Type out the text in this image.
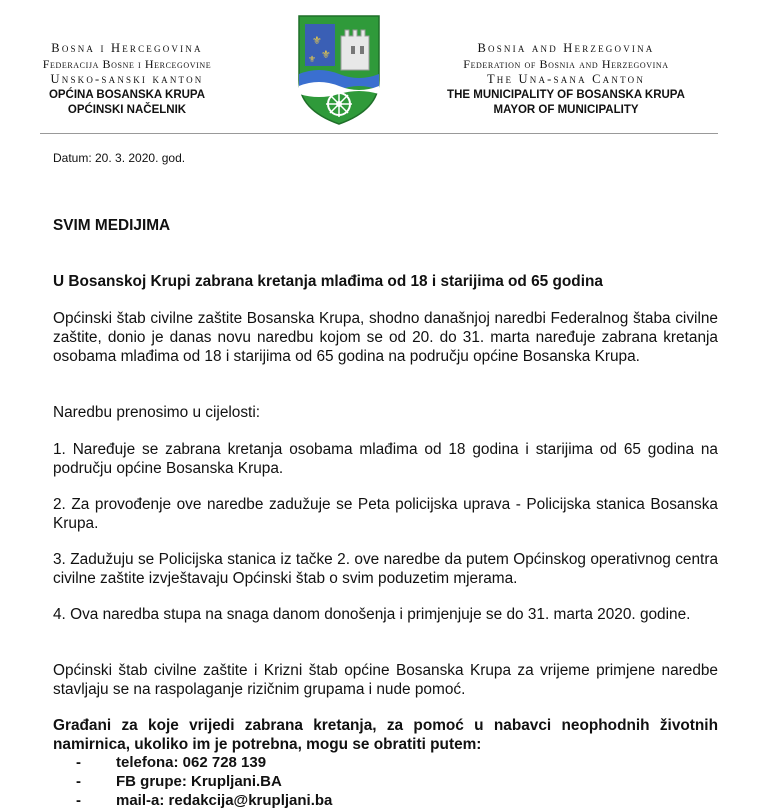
Bosna i Hercegovina
Federacija Bosne i Hercegovine
Unsko-sanski kanton
OPĆINA BOSANSKA KRUPA
OPĆINSKI NAČELNIK
⚜
⚜
⚜
Bosnia and Herzegovina
Federation of Bosnia and Herzegovina
The Una-sana Canton
THE MUNICIPALITY OF BOSANSKA KRUPA
MAYOR OF MUNICIPALITY
Datum: 20. 3. 2020. god.
SVIM MEDIJIMA
U Bosanskoj Krupi zabrana kretanja mlađima od 18 i starijima od 65 godina
Općinski štab civilne zaštite Bosanska Krupa, shodno današnjoj naredbi Federalnog štaba civilne zaštite, donio je danas novu naredbu kojom se od 20. do 31. marta naređuje zabrana kretanja osobama mlađima od 18 i starijima od 65 godina na području općine Bosanska Krupa.
Naredbu prenosimo u cijelosti:
1. Naređuje se zabrana kretanja osobama mlađima od 18 godina i starijima od 65 godina na području općine Bosanska Krupa.
2. Za provođenje ove naredbe zadužuje se Peta policijska uprava - Policijska stanica Bosanska Krupa.
3. Zadužuju se Policijska stanica iz tačke 2. ove naredbe da putem Općinskog operativnog centra civilne zaštite izvještavaju Općinski štab o svim poduzetim mjerama.
4. Ova naredba stupa na snaga danom donošenja i primjenjuje se do 31. marta 2020. godine.
Općinski štab civilne zaštite i Krizni štab općine Bosanska Krupa za vrijeme primjene naredbe stavljaju se na raspolaganje rizičnim grupama i nude pomoć.
Građani za koje vrijedi zabrana kretanja, za pomoć u nabavci neophodnih životnih namirnica, ukoliko im je potrebna, mogu se obratiti putem:
-	telefona: 062 728 139
-	FB grupe: Krupljani.BA
-	mail-a: redakcija@krupljani.ba
